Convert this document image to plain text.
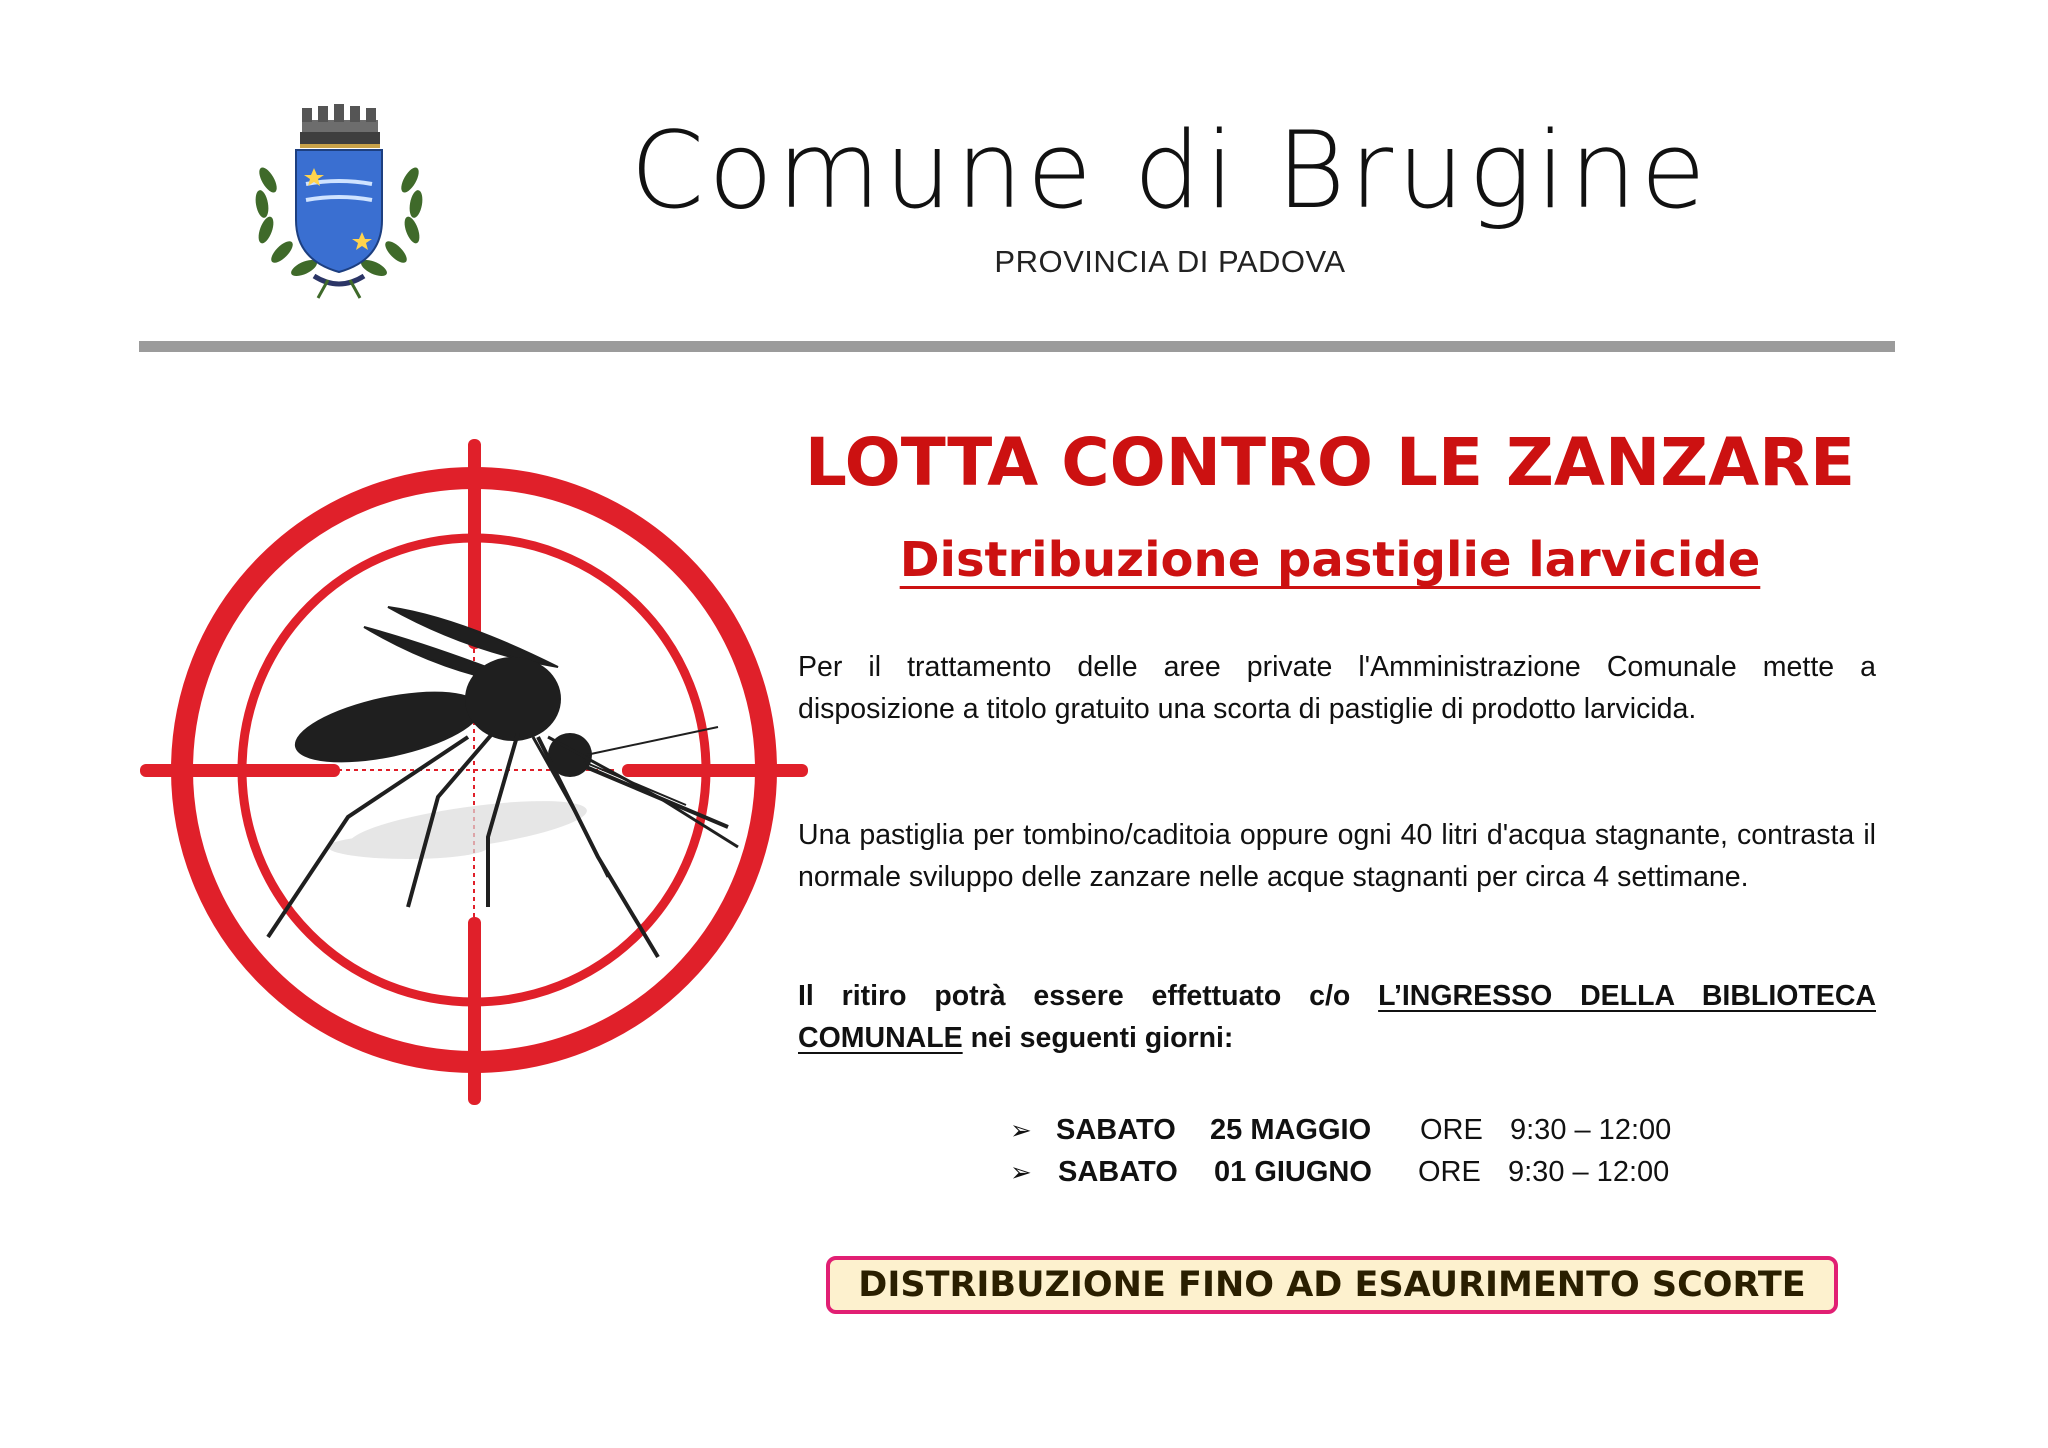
Comune di Brugine
PROVINCIA DI PADOVA
LOTTA CONTRO LE ZANZARE
Distribuzione pastiglie larvicide
Per il trattamento delle aree private l'Amministrazione Comunale mette a disposizione a titolo gratuito una scorta di pastiglie di prodotto larvicida.
Una pastiglia per tombino/caditoia oppure ogni 40 litri d'acqua stagnante, contrasta il normale sviluppo delle zanzare nelle acque stagnanti per circa 4 settimane.
Il ritiro potrà essere effettuato c/o L’INGRESSO DELLA BIBLIOTECA COMUNALE nei seguenti giorni:
➢ SABATO 25 MAGGIO ORE 9:30 – 12:00
➢ SABATO 01 GIUGNO ORE 9:30 – 12:00
DISTRIBUZIONE FINO AD ESAURIMENTO SCORTE
